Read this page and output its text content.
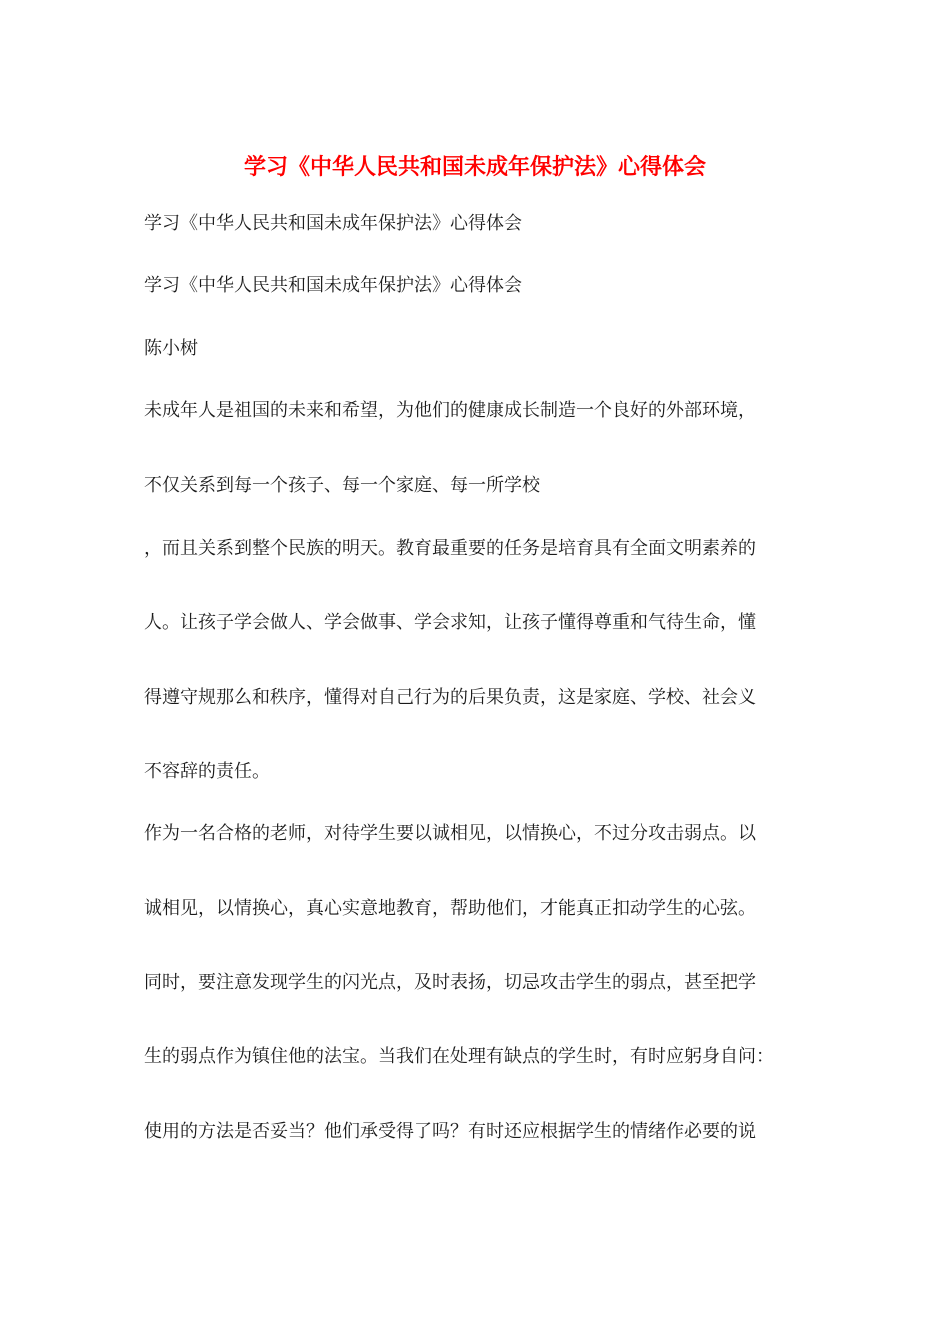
学习《中华人民共和国未成年保护法》心得体会
学习《中华人民共和国未成年保护法》心得体会
学习《中华人民共和国未成年保护法》心得体会
陈小树
未成年人是祖国的未来和希望，为他们的健康成长制造一个良好的外部环境，
不仅关系到每一个孩子、每一个家庭、每一所学校
，而且关系到整个民族的明天。教育最重要的任务是培育具有全面文明素养的
人。让孩子学会做人、学会做事、学会求知，让孩子懂得尊重和气待生命，懂
得遵守规那么和秩序，懂得对自己行为的后果负责，这是家庭、学校、社会义
不容辞的责任。
作为一名合格的老师，对待学生要以诚相见，以情换心，不过分攻击弱点。以
诚相见，以情换心，真心实意地教育，帮助他们，才能真正扣动学生的心弦。
同时，要注意发现学生的闪光点，及时表扬，切忌攻击学生的弱点，甚至把学
生的弱点作为镇住他的法宝。当我们在处理有缺点的学生时，有时应躬身自问：
使用的方法是否妥当？他们承受得了吗？有时还应根据学生的情绪作必要的说
